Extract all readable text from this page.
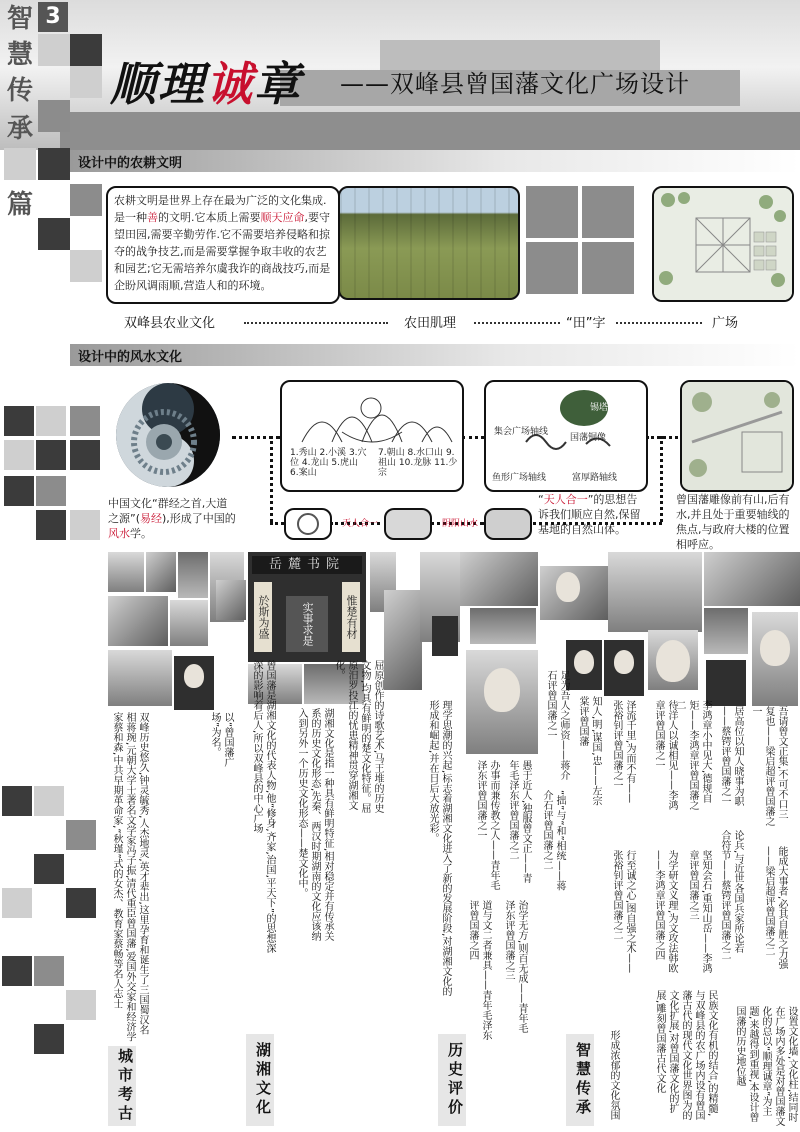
智 3
慧
传
承
篇
顺理诚章 ——双峰县曾国藩文化广场设计
设计中的农耕文明
农耕文明是世界上存在最为广泛的文化集成.是一种善的文明.它本质上需要顺天应命,要守望田园,需要辛勤劳作.它不需要培养侵略和掠夺的战争技艺,而是需要掌握争取丰收的农艺和园艺;它无需培养尔虞我诈的商战技巧,而是企盼风调雨顺,营造人和的环境。
双峰县农业文化	农田肌理	“田”字	广场
设计中的风水文化
1.秀山 2.小溪 3.穴位 4.龙山 5.虎山 6.案山
7.朝山 8.水口山 9.祖山 10.龙脉 11.少宗
锡塔山
集会广场轴线
国藩铜像
鱼形广场轴线	富厚路轴线
天人合一	阴阳山水
中国文化“群经之首,大道之源”(易经),形成了中国的风水学。
“天人合一”的思想告诉我们顺应自然,保留基地的自然山体。
曾国藩雕像前有山,后有水,并且处于重要轴线的焦点,与政府大楼的位置相呼应。
岳麓书院
於斯为盛	惟楚有材
实事求是
双峰历史悠久,钟灵毓秀,人杰地灵,英才辈出,这里孕育和诞生了三国蜀汉名相蒋琬,元朝大学士著名文学家冯子振,清代重臣曾国藩,爱国外交家和经济学家蔡和森,中共早期革命家,“秋瑾”式的女杰、教育家蔡畅等名人志士	以“曾国藩广场”为名。	曾国藩是湖湘文化的代表人物,他“修身,齐家,治国,平天下”的思想深深的影响着后人,所以双峰县的中心广场	湖湘文化是指一种具有鲜明特征,相对稳定并有传承关系的历史文化形态,先秦、两汉时期湖南的文化应该纳入到另外一个历史文化形态——楚文化中。	屈原创作的诗歌艺术,马王堆的历史文物,均具有鲜明的楚文化特征。屈原汨罗投江的忧患精神贯穿湖湘文化。
理学思潮的兴起,标志着湖湘文化进入了新的发展阶段,对湖湘文化的形成和崛起,并在日后大放光彩。	办事而兼传教之人——青年毛泽东评曾国藩之一
道与文二者兼具——青年毛泽东评曾国藩之四
愚于近人,独服曾文正——青年毛泽东评曾国藩之二
治学无方,则百无成——青年毛泽东评曾国藩之三
足为吾人之师资——蒋介石评曾国藩之一
“拙”与“和”相统——蒋介石评曾国藩之二
知人,明,谋国,忠——左宗棠评曾国藩	泽流千里,为而不有——张裕钊评曾国藩之一
行至诚之心,图自强之术——张裕钊评曾国藩之二
待洋人以诚相见——李鸿章评曾国藩之一
为学研文义理,为文攻法韩欧——李鸿章评曾国藩之四
李鸿章小中见大,德规自矩——李鸿章评曾国藩之二
坚知会石,重知山岳——李鸿章评曾国藩之三
居高位以知人晓事为职——蔡锷评曾国藩之一
论兵,与近世各国兵家所论若合符节——蔡锷评曾国藩之二
吾请曾文正集,不可不口三复也——梁启超评曾国藩之一
能成大事者,必其自胜之力强——梁启超评曾国藩之二
形成浓郁的文化氛围	民族文化有机的结合,的精髓,与双峰县的农广场内设有曾国藩古代的现代文化世界图为的文化扩展,对曾国藩文化的扩展,雕刻曾国藩古代文化	设置文化墙,文化柱,结同时在广场内多处是对曾国藩文化的总以“顺理诚章”为主题,来越得到重视,本设计曾国藩的历史地位越
城市考古	湖湘文化	历史评价	智慧传承
